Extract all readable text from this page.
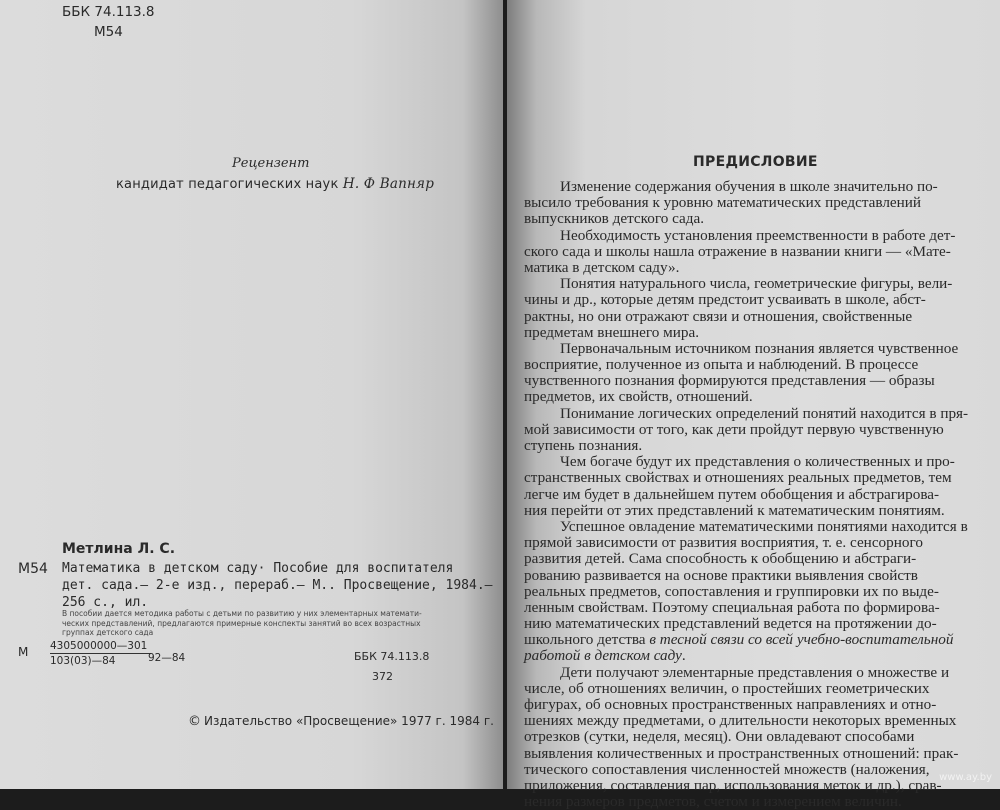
ББК 74.113.8
М54
Рецензент
кандидат педагогических наук Н. Ф Вапняр
Метлина Л. С.
М54 Математика в детском саду· Пособие для воспитателя
дет. сада.— 2-е изд., перераб.— М.. Просвещение, 1984.—
256 с., ил.
В пособии дается методика работы с детьми по развитию у них элементарных математи-
ческих представлений, предлагаются примерные конспекты занятий во всех возрастных
группах детского сада
М $\frac{4305000000—301}{103(03)—84}$
92—84	ББК 74.113.8
372
© Издательство «Просвещение» 1977 г. 1984 г.
ПРЕДИСЛОВИЕ
Изменение содержания обучения в школе значительно по-
высило требования к уровню математических представлений
выпускников детского сада.
Необходимость установления преемственности в работе дет-
ского сада и школы нашла отражение в названии книги — «Мате-
матика в детском саду».
Понятия натурального числа, геометрические фигуры, вели-
чины и др., которые детям предстоит усваивать в школе, абст-
рактны, но они отражают связи и отношения, свойственные
предметам внешнего мира.
Первоначальным источником познания является чувственное
восприятие, полученное из опыта и наблюдений. В процессе
чувственного познания формируются представления — образы
предметов, их свойств, отношений.
Понимание логических определений понятий находится в пря-
мой зависимости от того, как дети пройдут первую чувственную
ступень познания.
Чем богаче будут их представления о количественных и про-
странственных свойствах и отношениях реальных предметов, тем
легче им будет в дальнейшем путем обобщения и абстрагирова-
ния перейти от этих представлений к математическим понятиям.
Успешное овладение математическими понятиями находится в
прямой зависимости от развития восприятия, т. е. сенсорного
развития детей. Сама способность к обобщению и абстраги-
рованию развивается на основе практики выявления свойств
реальных предметов, сопоставления и группировки их по выде-
ленным свойствам. Поэтому специальная работа по формирова-
нию математических представлений ведется на протяжении до-
школьного детства в тесной связи со всей учебно-воспитательной
работой в детском саду.
Дети получают элементарные представления о множестве и
числе, об отношениях величин, о простейших геометрических
фигурах, об основных пространственных направлениях и отно-
шениях между предметами, о длительности некоторых временных
отрезков (сутки, неделя, месяц). Они овладевают способами
выявления количественных и пространственных отношений: прак-
тического сопоставления численностей множеств (наложения,
приложения, составления пар, использования меток и др.), срав-
нения размеров предметов, счетом и измерением величин.
www.ay.by
